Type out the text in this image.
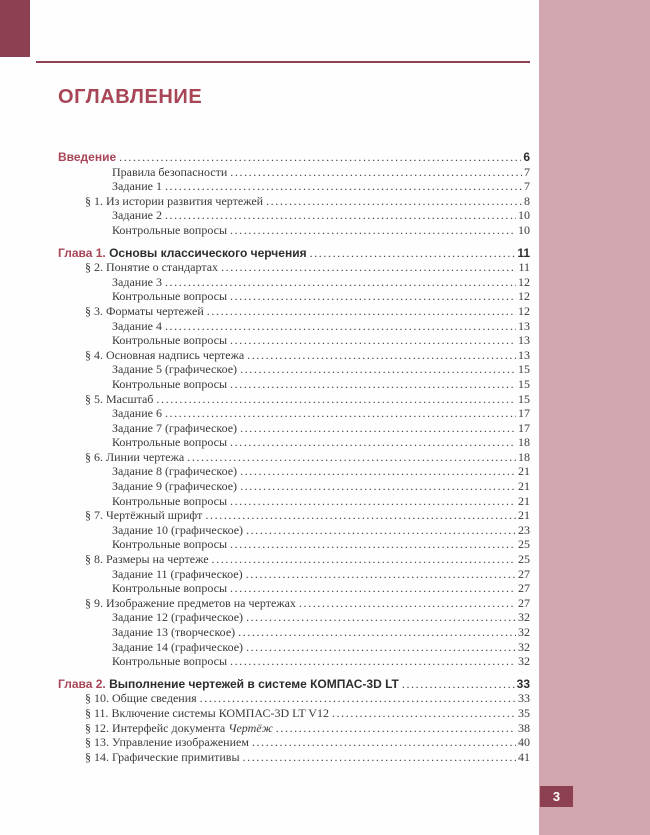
ОГЛАВЛЕНИЕ
Введение .....	6
Правила безопасности .....	7
Задание 1 .....	7
§ 1. Из истории развития чертежей .....	8
Задание 2 .....	10
Контрольные вопросы .....	10
Глава 1. Основы классического черчения .....	11
§ 2. Понятие о стандартах .....	11
Задание 3 .....	12
Контрольные вопросы .....	12
§ 3. Форматы чертежей .....	12
Задание 4 .....	13
Контрольные вопросы .....	13
§ 4. Основная надпись чертежа .....	13
Задание 5 (графическое) .....	15
Контрольные вопросы .....	15
§ 5. Масштаб .....	15
Задание 6 .....	17
Задание 7 (графическое) .....	17
Контрольные вопросы .....	18
§ 6. Линии чертежа .....	18
Задание 8 (графическое) .....	21
Задание 9 (графическое) .....	21
Контрольные вопросы .....	21
§ 7. Чертёжный шрифт .....	21
Задание 10 (графическое) .....	23
Контрольные вопросы .....	25
§ 8. Размеры на чертеже .....	25
Задание 11 (графическое) .....	27
Контрольные вопросы .....	27
§ 9. Изображение предметов на чертежах .....	27
Задание 12 (графическое) .....	32
Задание 13 (творческое) .....	32
Задание 14 (графическое) .....	32
Контрольные вопросы .....	32
Глава 2. Выполнение чертежей в системе КОМПАС-3D LT .....	33
§ 10. Общие сведения .....	33
§ 11. Включение системы КОМПАС-3D LT V12 .....	35
§ 12. Интерфейс документа Чертёж .....	38
§ 13. Управление изображением .....	40
§ 14. Графические примитивы .....	41
3
